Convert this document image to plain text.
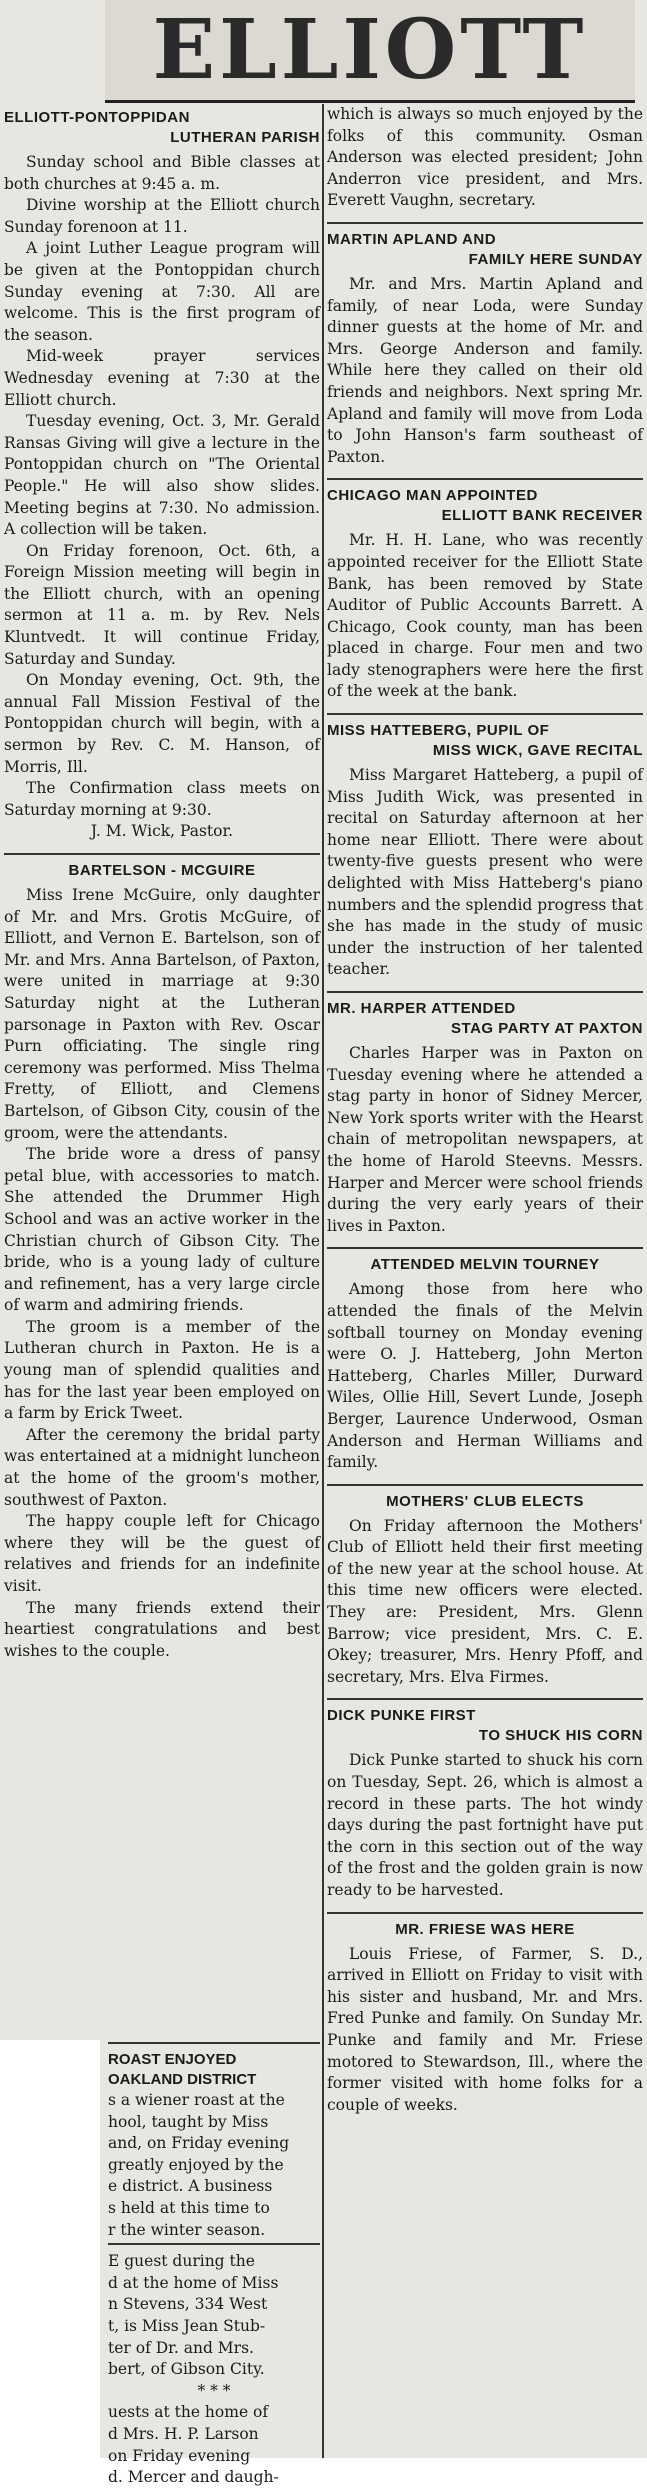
ELLIOTT
ELLIOTT-PONTOPPIDAN
LUTHERAN PARISH

Sunday school and Bible classes at both churches at 9:45 a. m.

Divine worship at the Elliott church Sunday forenoon at 11.

A joint Luther League program will be given at the Pontoppidan church Sunday evening at 7:30. All are welcome. This is the first program of the season.

Mid-week prayer services Wednesday evening at 7:30 at the Elliott church.

Tuesday evening, Oct. 3, Mr. Gerald Ransas Giving will give a lecture in the Pontoppidan church on "The Oriental People." He will also show slides. Meeting begins at 7:30. No admission. A collection will be taken.

On Friday forenoon, Oct. 6th, a Foreign Mission meeting will begin in the Elliott church, with an opening sermon at 11 a. m. by Rev. Nels Kluntvedt. It will continue Friday, Saturday and Sunday.

On Monday evening, Oct. 9th, the annual Fall Mission Festival of the Pontoppidan church will begin, with a sermon by Rev. C. M. Hanson, of Morris, Ill.

The Confirmation class meets on Saturday morning at 9:30.

J. M. Wick, Pastor.

BARTELSON - MCGUIRE

Miss Irene McGuire, only daughter of Mr. and Mrs. Grotis McGuire, of Elliott, and Vernon E. Bartelson, son of Mr. and Mrs. Anna Bartelson, of Paxton, were united in marriage at 9:30 Saturday night at the Lutheran parsonage in Paxton with Rev. Oscar Purn officiating. The single ring ceremony was performed. Miss Thelma Fretty, of Elliott, and Clemens Bartelson, of Gibson City, cousin of the groom, were the attendants.

The bride wore a dress of pansy petal blue, with accessories to match. She attended the Drummer High School and was an active worker in the Christian church of Gibson City. The bride, who is a young lady of culture and refinement, has a very large circle of warm and admiring friends.

The groom is a member of the Lutheran church in Paxton. He is a young man of splendid qualities and has for the last year been employed on a farm by Erick Tweet.

After the ceremony the bridal party was entertained at a midnight luncheon at the home of the groom's mother, southwest of Paxton.

The happy couple left for Chicago where they will be the guest of relatives and friends for an indefinite visit.

The many friends extend their heartiest congratulations and best wishes to the couple.

ROAST ENJOYED
OAKLAND DISTRICT
s a wiener roast at the
hool, taught by Miss
and, on Friday evening
greatly enjoyed by the
e district. A business
s held at this time to
r the winter season.
E guest during the
d at the home of Miss
n Stevens, 334 West
t, is Miss Jean Stub-
ter of Dr. and Mrs.
bert, of Gibson City.
* * *
uests at the home of
d Mrs. H. P. Larson
on Friday evening
d. Mercer and daugh-

which is always so much enjoyed by the folks of this community. Osman Anderson was elected president; John Anderron vice president, and Mrs. Everett Vaughn, secretary.

MARTIN APLAND AND
FAMILY HERE SUNDAY

Mr. and Mrs. Martin Apland and family, of near Loda, were Sunday dinner guests at the home of Mr. and Mrs. George Anderson and family. While here they called on their old friends and neighbors. Next spring Mr. Apland and family will move from Loda to John Hanson's farm southeast of Paxton.

CHICAGO MAN APPOINTED
ELLIOTT BANK RECEIVER

Mr. H. H. Lane, who was recently appointed receiver for the Elliott State Bank, has been removed by State Auditor of Public Accounts Barrett. A Chicago, Cook county, man has been placed in charge. Four men and two lady stenographers were here the first of the week at the bank.

MISS HATTEBERG, PUPIL OF
MISS WICK, GAVE RECITAL

Miss Margaret Hatteberg, a pupil of Miss Judith Wick, was presented in recital on Saturday afternoon at her home near Elliott. There were about twenty-five guests present who were delighted with Miss Hatteberg's piano numbers and the splendid progress that she has made in the study of music under the instruction of her talented teacher.

MR. HARPER ATTENDED
STAG PARTY AT PAXTON

Charles Harper was in Paxton on Tuesday evening where he attended a stag party in honor of Sidney Mercer, New York sports writer with the Hearst chain of metropolitan newspapers, at the home of Harold Steevns. Messrs. Harper and Mercer were school friends during the very early years of their lives in Paxton.

ATTENDED MELVIN TOURNEY

Among those from here who attended the finals of the Melvin softball tourney on Monday evening were O. J. Hatteberg, John Merton Hatteberg, Charles Miller, Durward Wiles, Ollie Hill, Severt Lunde, Joseph Berger, Laurence Underwood, Osman Anderson and Herman Williams and family.

MOTHERS' CLUB ELECTS

On Friday afternoon the Mothers' Club of Elliott held their first meeting of the new year at the school house. At this time new officers were elected. They are: President, Mrs. Glenn Barrow; vice president, Mrs. C. E. Okey; treasurer, Mrs. Henry Pfoff, and secretary, Mrs. Elva Firmes.

DICK PUNKE FIRST
TO SHUCK HIS CORN

Dick Punke started to shuck his corn on Tuesday, Sept. 26, which is almost a record in these parts. The hot windy days during the past fortnight have put the corn in this section out of the way of the frost and the golden grain is now ready to be harvested.

MR. FRIESE WAS HERE

Louis Friese, of Farmer, S. D., arrived in Elliott on Friday to visit with his sister and husband, Mr. and Mrs. Fred Punke and family. On Sunday Mr. Punke and family and Mr. Friese motored to Stewardson, Ill., where the former visited with home folks for a couple of weeks.
